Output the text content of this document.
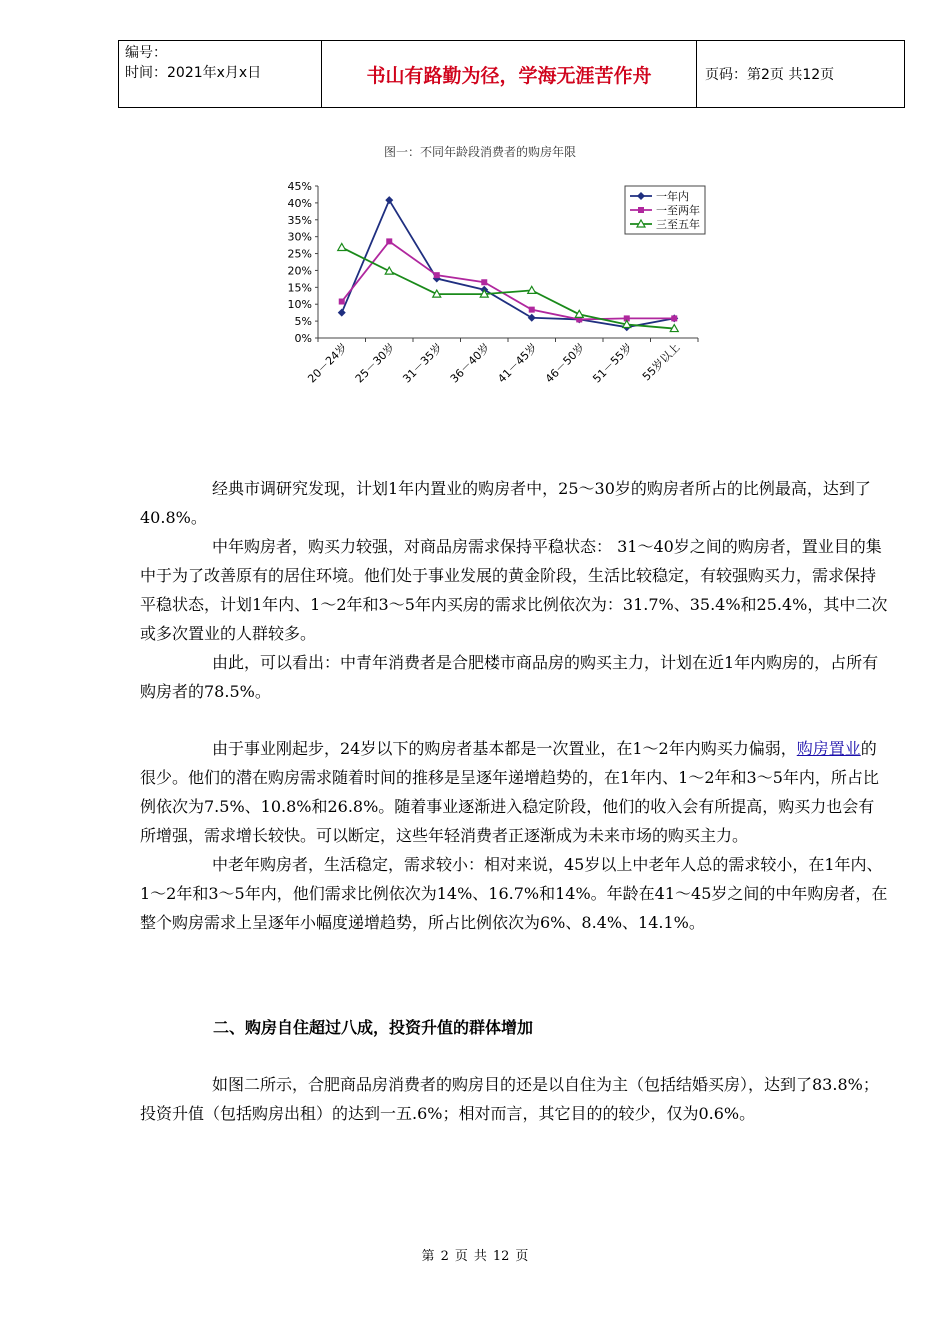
编号：
时间：2021年x月x日	书山有路勤为径，学海无涯苦作舟	页码：第2页 共12页
图一：不同年龄段消费者的购房年限
0%
5%
10%
15%
20%
25%
30%
35%
40%
45%
20－24岁 25－30岁 31－35岁 36－40岁 41－45岁 46－50岁 51－55岁 55岁以上
一年内
一至两年
三至五年

经典市调研究发现，计划1年内置业的购房者中，25～30岁的购房者所占的比例最高，达到了40.8%。

中年购房者，购买力较强，对商品房需求保持平稳状态： 31～40岁之间的购房者，置业目的集中于为了改善原有的居住环境。他们处于事业发展的黄金阶段，生活比较稳定，有较强购买力，需求保持平稳状态，计划1年内、1～2年和3～5年内买房的需求比例依次为：31.7%、35.4%和25.4%，其中二次或多次置业的人群较多。

由此，可以看出：中青年消费者是合肥楼市商品房的购买主力，计划在近1年内购房的，占所有购房者的78.5%。

由于事业刚起步，24岁以下的购房者基本都是一次置业，在1～2年内购买力偏弱，购房置业的很少。他们的潜在购房需求随着时间的推移是呈逐年递增趋势的，在1年内、1～2年和3～5年内，所占比例依次为7.5%、10.8%和26.8%。随着事业逐渐进入稳定阶段，他们的收入会有所提高，购买力也会有所增强，需求增长较快。可以断定，这些年轻消费者正逐渐成为未来市场的购买主力。

中老年购房者，生活稳定，需求较小：相对来说，45岁以上中老年人总的需求较小，在1年内、1～2年和3～5年内，他们需求比例依次为14%、16.7%和14%。年龄在41～45岁之间的中年购房者，在整个购房需求上呈逐年小幅度递增趋势，所占比例依次为6%、8.4%、14.1%。

二、购房自住超过八成，投资升值的群体增加

如图二所示，合肥商品房消费者的购房目的还是以自住为主（包括结婚买房），达到了83.8%；投资升值（包括购房出租）的达到一五.6%；相对而言，其它目的的较少，仅为0.6%。

第 2 页 共 12 页
